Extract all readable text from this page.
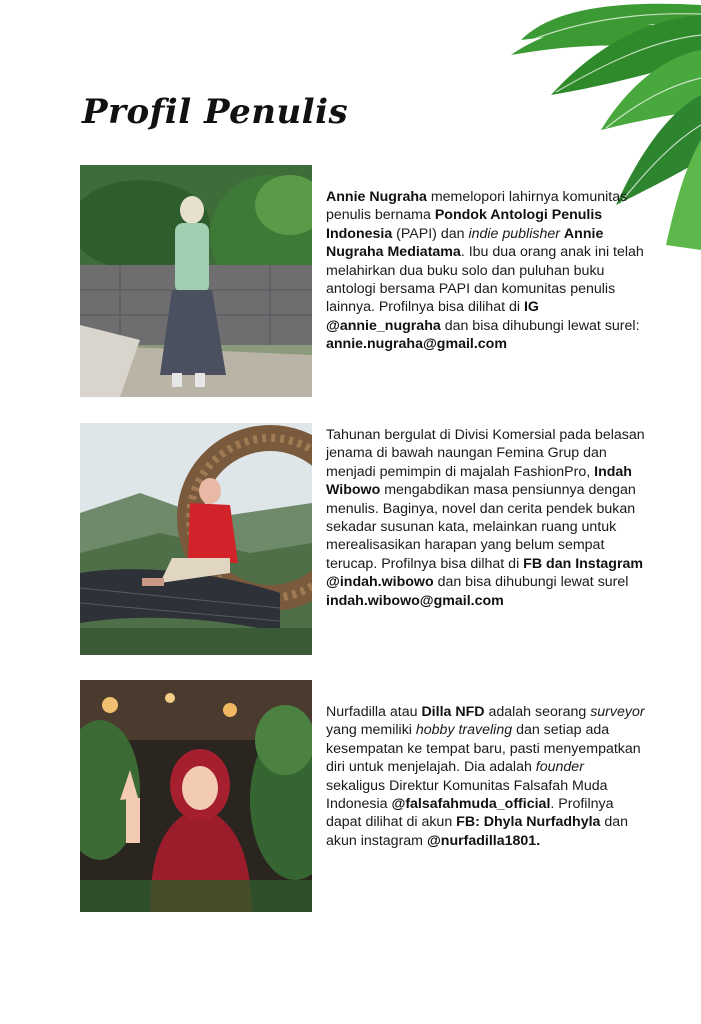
Profil Penulis

Annie Nugraha memelopori lahirnya komunitas penulis bernama Pondok Antologi Penulis Indonesia (PAPI) dan indie publisher Annie Nugraha Mediatama. Ibu dua orang anak ini telah melahirkan dua buku solo dan puluhan buku antologi bersama PAPI dan komunitas penulis lainnya. Profilnya bisa dilihat di IG @annie_nugraha dan bisa dihubungi lewat surel: annie.nugraha@gmail.com

Tahunan bergulat di Divisi Komersial pada belasan jenama di bawah naungan Femina Grup dan menjadi pemimpin di majalah FashionPro, Indah Wibowo mengabdikan masa pensiunnya dengan menulis. Baginya, novel dan cerita pendek bukan sekadar susunan kata, melainkan ruang untuk merealisasikan harapan yang belum sempat terucap. Profilnya bisa dilhat di FB dan Instagram @indah.wibowo dan bisa dihubungi lewat surel indah.wibowo@gmail.com

Nurfadilla atau Dilla NFD adalah seorang surveyor yang memiliki hobby traveling dan setiap ada kesempatan ke tempat baru, pasti menyempatkan diri untuk menjelajah. Dia adalah founder sekaligus Direktur Komunitas Falsafah Muda Indonesia @falsafahmuda_official. Profilnya dapat dilihat di akun FB: Dhyla Nurfadhyla dan akun instagram @nurfadilla1801.
